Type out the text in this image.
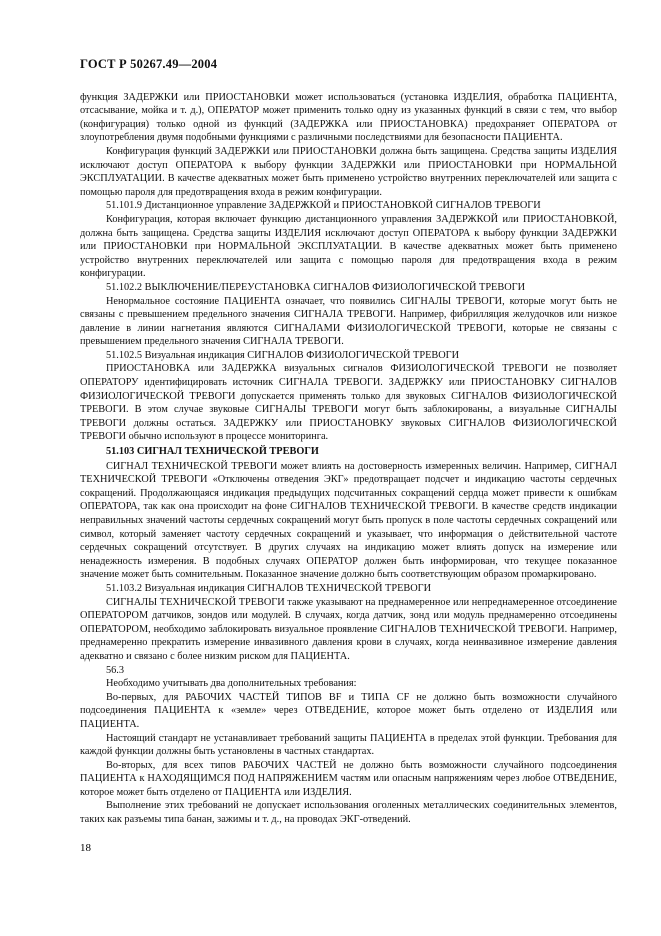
ГОСТ Р 50267.49—2004

функция ЗАДЕРЖКИ или ПРИОСТАНОВКИ может использоваться (установка ИЗДЕЛИЯ, обработка ПАЦИЕНТА, отсасывание, мойка и т. д.), ОПЕРАТОР может применить только одну из указанных функций в связи с тем, что выбор (конфигурация) только одной из функций (ЗАДЕРЖКА или ПРИОСТАНОВКА) предохраняет ОПЕРАТОРА от злоупотребления двумя подобными функциями с различными последствиями для безопасности ПАЦИЕНТА.

Конфигурация функций ЗАДЕРЖКИ или ПРИОСТАНОВКИ должна быть защищена. Средства защиты ИЗДЕЛИЯ исключают доступ ОПЕРАТОРА к выбору функции ЗАДЕРЖКИ или ПРИОСТАНОВКИ при НОРМАЛЬНОЙ ЭКСПЛУАТАЦИИ. В качестве адекватных может быть применено устройство внутренних переключателей или защита с помощью пароля для предотвращения входа в режим конфигурации.

51.101.9 Дистанционное управление ЗАДЕРЖКОЙ и ПРИОСТАНОВКОЙ СИГНАЛОВ ТРЕВОГИ

Конфигурация, которая включает функцию дистанционного управления ЗАДЕРЖКОЙ или ПРИОСТАНОВКОЙ, должна быть защищена. Средства защиты ИЗДЕЛИЯ исключают доступ ОПЕРАТОРА к выбору функции ЗАДЕРЖКИ или ПРИОСТАНОВКИ при НОРМАЛЬНОЙ ЭКСПЛУАТАЦИИ. В качестве адекватных может быть применено устройство внутренних переключателей или защита с помощью пароля для предотвращения входа в режим конфигурации.

51.102.2 ВЫКЛЮЧЕНИЕ/ПЕРЕУСТАНОВКА СИГНАЛОВ ФИЗИОЛОГИЧЕСКОЙ ТРЕВОГИ

Ненормальное состояние ПАЦИЕНТА означает, что появились СИГНАЛЫ ТРЕВОГИ, которые могут быть не связаны с превышением предельного значения СИГНАЛА ТРЕВОГИ. Например, фибрилляция желудочков или низкое давление в линии нагнетания являются СИГНАЛАМИ ФИЗИОЛОГИЧЕСКОЙ ТРЕВОГИ, которые не связаны с превышением предельного значения СИГНАЛА ТРЕВОГИ.

51.102.5 Визуальная индикация СИГНАЛОВ ФИЗИОЛОГИЧЕСКОЙ ТРЕВОГИ

ПРИОСТАНОВКА или ЗАДЕРЖКА визуальных сигналов ФИЗИОЛОГИЧЕСКОЙ ТРЕВОГИ не позволяет ОПЕРАТОРУ идентифицировать источник СИГНАЛА ТРЕВОГИ. ЗАДЕРЖКУ или ПРИОСТАНОВКУ СИГНАЛОВ ФИЗИОЛОГИЧЕСКОЙ ТРЕВОГИ допускается применять только для звуковых СИГНАЛОВ ФИЗИОЛОГИЧЕСКОЙ ТРЕВОГИ. В этом случае звуковые СИГНАЛЫ ТРЕВОГИ могут быть заблокированы, а визуальные СИГНАЛЫ ТРЕВОГИ должны остаться. ЗАДЕРЖКУ или ПРИОСТАНОВКУ звуковых СИГНАЛОВ ФИЗИОЛОГИЧЕСКОЙ ТРЕВОГИ обычно используют в процессе мониторинга.

51.103 СИГНАЛ ТЕХНИЧЕСКОЙ ТРЕВОГИ

СИГНАЛ ТЕХНИЧЕСКОЙ ТРЕВОГИ может влиять на достоверность измеренных величин. Например, СИГНАЛ ТЕХНИЧЕСКОЙ ТРЕВОГИ «Отключены отведения ЭКГ» предотвращает подсчет и индикацию частоты сердечных сокращений. Продолжающаяся индикация предыдущих подсчитанных сокращений сердца может привести к ошибкам ОПЕРАТОРА, так как она происходит на фоне СИГНАЛОВ ТЕХНИЧЕСКОЙ ТРЕВОГИ. В качестве средств индикации неправильных значений частоты сердечных сокращений могут быть пропуск в поле частоты сердечных сокращений или символ, который заменяет частоту сердечных сокращений и указывает, что информация о действительной частоте сердечных сокращений отсутствует. В других случаях на индикацию может влиять допуск на измерение или ненадежность измерения. В подобных случаях ОПЕРАТОР должен быть информирован, что текущее показанное значение может быть сомнительным. Показанное значение должно быть соответствующим образом промаркировано.

51.103.2 Визуальная индикация СИГНАЛОВ ТЕХНИЧЕСКОЙ ТРЕВОГИ

СИГНАЛЫ ТЕХНИЧЕСКОЙ ТРЕВОГИ также указывают на преднамеренное или непреднамеренное отсоединение ОПЕРАТОРОМ датчиков, зондов или модулей. В случаях, когда датчик, зонд или модуль преднамеренно отсоединены ОПЕРАТОРОМ, необходимо заблокировать визуальное проявление СИГНАЛОВ ТЕХНИЧЕСКОЙ ТРЕВОГИ. Например, преднамеренно прекратить измерение инвазивного давления крови в случаях, когда неинвазивное измерение давления адекватно и связано с более низким риском для ПАЦИЕНТА.

56.3

Необходимо учитывать два дополнительных требования:

Во-первых, для РАБОЧИХ ЧАСТЕЙ ТИПОВ BF и ТИПА CF не должно быть возможности случайного подсоединения ПАЦИЕНТА к «земле» через ОТВЕДЕНИЕ, которое может быть отделено от ИЗДЕЛИЯ или ПАЦИЕНТА.

Настоящий стандарт не устанавливает требований защиты ПАЦИЕНТА в пределах этой функции. Требования для каждой функции должны быть установлены в частных стандартах.

Во-вторых, для всех типов РАБОЧИХ ЧАСТЕЙ не должно быть возможности случайного подсоединения ПАЦИЕНТА к НАХОДЯЩИМСЯ ПОД НАПРЯЖЕНИЕМ частям или опасным напряжениям через любое ОТВЕДЕНИЕ, которое может быть отделено от ПАЦИЕНТА или ИЗДЕЛИЯ.

Выполнение этих требований не допускает использования оголенных металлических соединительных элементов, таких как разъемы типа банан, зажимы и т. д., на проводах ЭКГ-отведений.

18
